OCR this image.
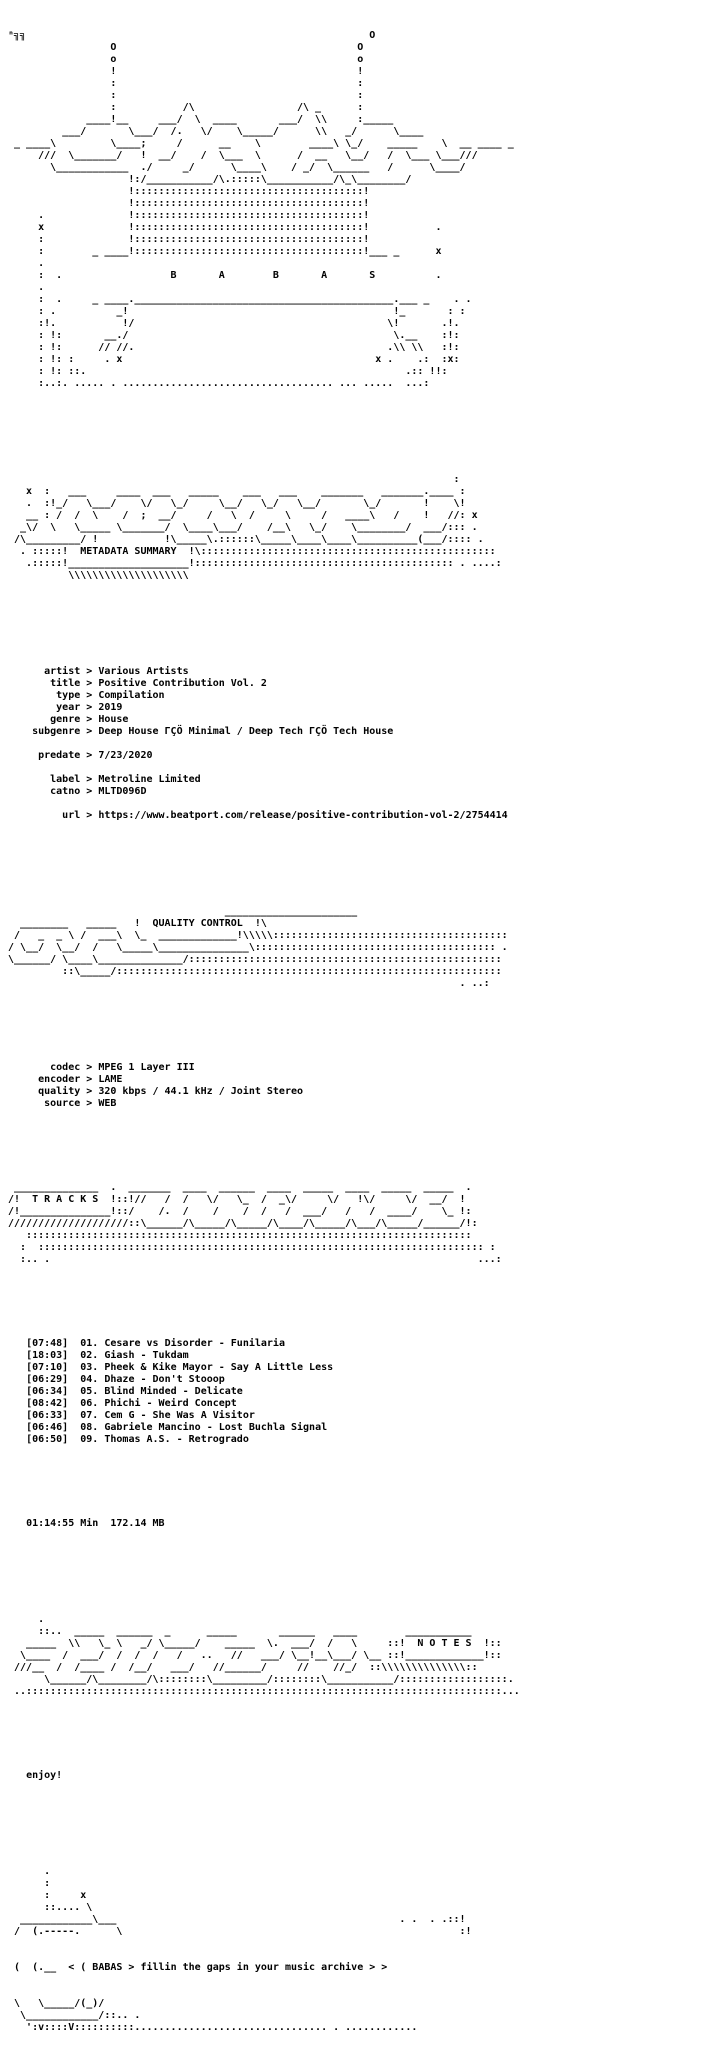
ⁿ╗╗                                                         O
O                                        O
o                                        o
!                                        !
:                                        :
:                                        :
:           /\                 /\ _      :
____!__     ___/  \  ____       ___/  \\     :_____
___/       \___/  /.   \/    \_____/      \\   _/      \____
_ ____\         \____;     /      __    \        ____\ \_/    _____    \  __ ____ _
///  \_______/   !  __/    /  \___  \      /  __   \__/   /  \___ \___///
\____________  ./     _/      \____\    / _/  \______   /      \____/
!:/___________/\.:::::\___________/\_\________/
!::::::::::::::::::::::::::::::::::::::!
!::::::::::::::::::::::::::::::::::::::!
.              !::::::::::::::::::::::::::::::::::::::!
x              !::::::::::::::::::::::::::::::::::::::!           .
:              !::::::::::::::::::::::::::::::::::::::!
:        _ ____!::::::::::::::::::::::::::::::::::::::!___ _      x
.
:  .                  B       A        B       A       S          .
.
:  .     _ ____.___________________________________________.___ _    . .
: .          _!                                            !_       : :
:!.           !/                                          \!       .!.
: !:       __./                                            \.__    :!:
: !:      // //.                                          .\\ \\   :!:
: !: :     . x                                          x .    .:  :x:
: !: ::.                                                     .:: !!:
:..:. ..... . ................................... ... .....  ...:

:
x  :   ___     ____  ___   _____    ___   ___    _______   _______.____ :
.  :!_/   \___/    \/   \_/     \__/   \_/   \__/       \_/       !    \!
__ : /  /  \    /  ;  __/     /   \  /     \     /   ____\   /    !   //: x
_\/  \   \_____ \_______/  \____\___/    /__\   \_/    \________/  ___/::: .
/\_________/ !           !\_____\.::::::\_____\____\____\__________(___/:::: .
. :::::!  METADATA SUMMARY  !\:::::::::::::::::::::::::::::::::::::::::::::::::
.:::::!____________________!::::::::::::::::::::::::::::::::::::::::::: . ....:
\\\\\\\\\\\\\\\\\\\\

artist > Various Artists
title > Positive Contribution Vol. 2
type > Compilation
year > 2019
genre > House
subgenre > Deep House ΓÇÖ Minimal / Deep Tech ΓÇÖ Tech House

predate > 7/23/2020

label > Metroline Limited
catno > MLTD096D

url > https://www.beatport.com/release/positive-contribution-vol-2/2754414

______________________
________   _____   !  QUALITY CONTROL  !\
/   _  _ \ /  ___\  \_  _____________!\\\\\:::::::::::::::::::::::::::::::::::::::
/ \__/  \__/  /   \_____\_______________\:::::::::::::::::::::::::::::::::::::::: .
\______/ \____\______________/::::::::::::::::::::::::::::::::::::::::::::::::::::
::\_____/::::::::::::::::::::::::::::::::::::::::::::::::::::::::::::::::
. ..:

codec > MPEG 1 Layer III
encoder > LAME
quality > 320 kbps / 44.1 kHz / Joint Stereo
source > WEB

______________  .  _______  ____  ______  ____  _____  ____  _____  _____  .
/!  T R A C K S  !::!//   /  /   \/   \_  /  _\/     \/   !\/     \/  __/  !
/!_______________!::/    /.  /    /    /  /   /  ___/   /   /  ____/    \_ !:
////////////////////::\______/\_____/\_____/\____/\_____/\___/\_____/______/!:
::::::::::::::::::::::::::::::::::::::::::::::::::::::::::::::::::::::::::
:  :::::::::::::::::::::::::::::::::::::::::::::::::::::::::::::::::::::::::: :
:.. .                                                                       ...:

[07:48] 01. Cesare vs Disorder - Funilaria
[18:03] 02. Giash - Tukdam
[07:10] 03. Pheek & Kike Mayor - Say A Little Less
[06:29] 04. Dhaze - Don't Stooop
[06:34] 05. Blind Minded - Delicate
[08:42] 06. Phichi - Weird Concept
[06:33] 07. Cem G - She Was A Visitor
[06:46] 08. Gabriele Mancino - Lost Buchla Signal
[06:50] 09. Thomas A.S. - Retrogrado

01:14:55 Min 172.14 MB

.
::..  _____  ______  _      _____       ______   ____        ___________
_____  \\   \_ \   _/ \_____/    _____  \.  ___/  /   \     ::!  N O T E S  !::
\____  /  ___/  /  /  /   /   ..   //   ___/ \__!__\___/ \__ ::!_____________!::
///__  /  /____ /  /__/   ___/   //______/     //    //_/  ::\\\\\\\\\\\\\\::
\______/\________/\::::::::\_________/::::::::\___________/::::::::::::::::::.
..:::::::::::::::::::::::::::::::::::::::::::::::::::::::::::::::::::::::::::::::...

enjoy!

.
:
:     x
::.... \
____________\___                                               . .  . .::!
/  (.-----.      \                                                        :!

(  (.__ < ( BABAS > fillin the gaps in your music archive > >

\   \_____/(_)/
\____________/::.. .
':v::::V::::::::::................................ . ............
